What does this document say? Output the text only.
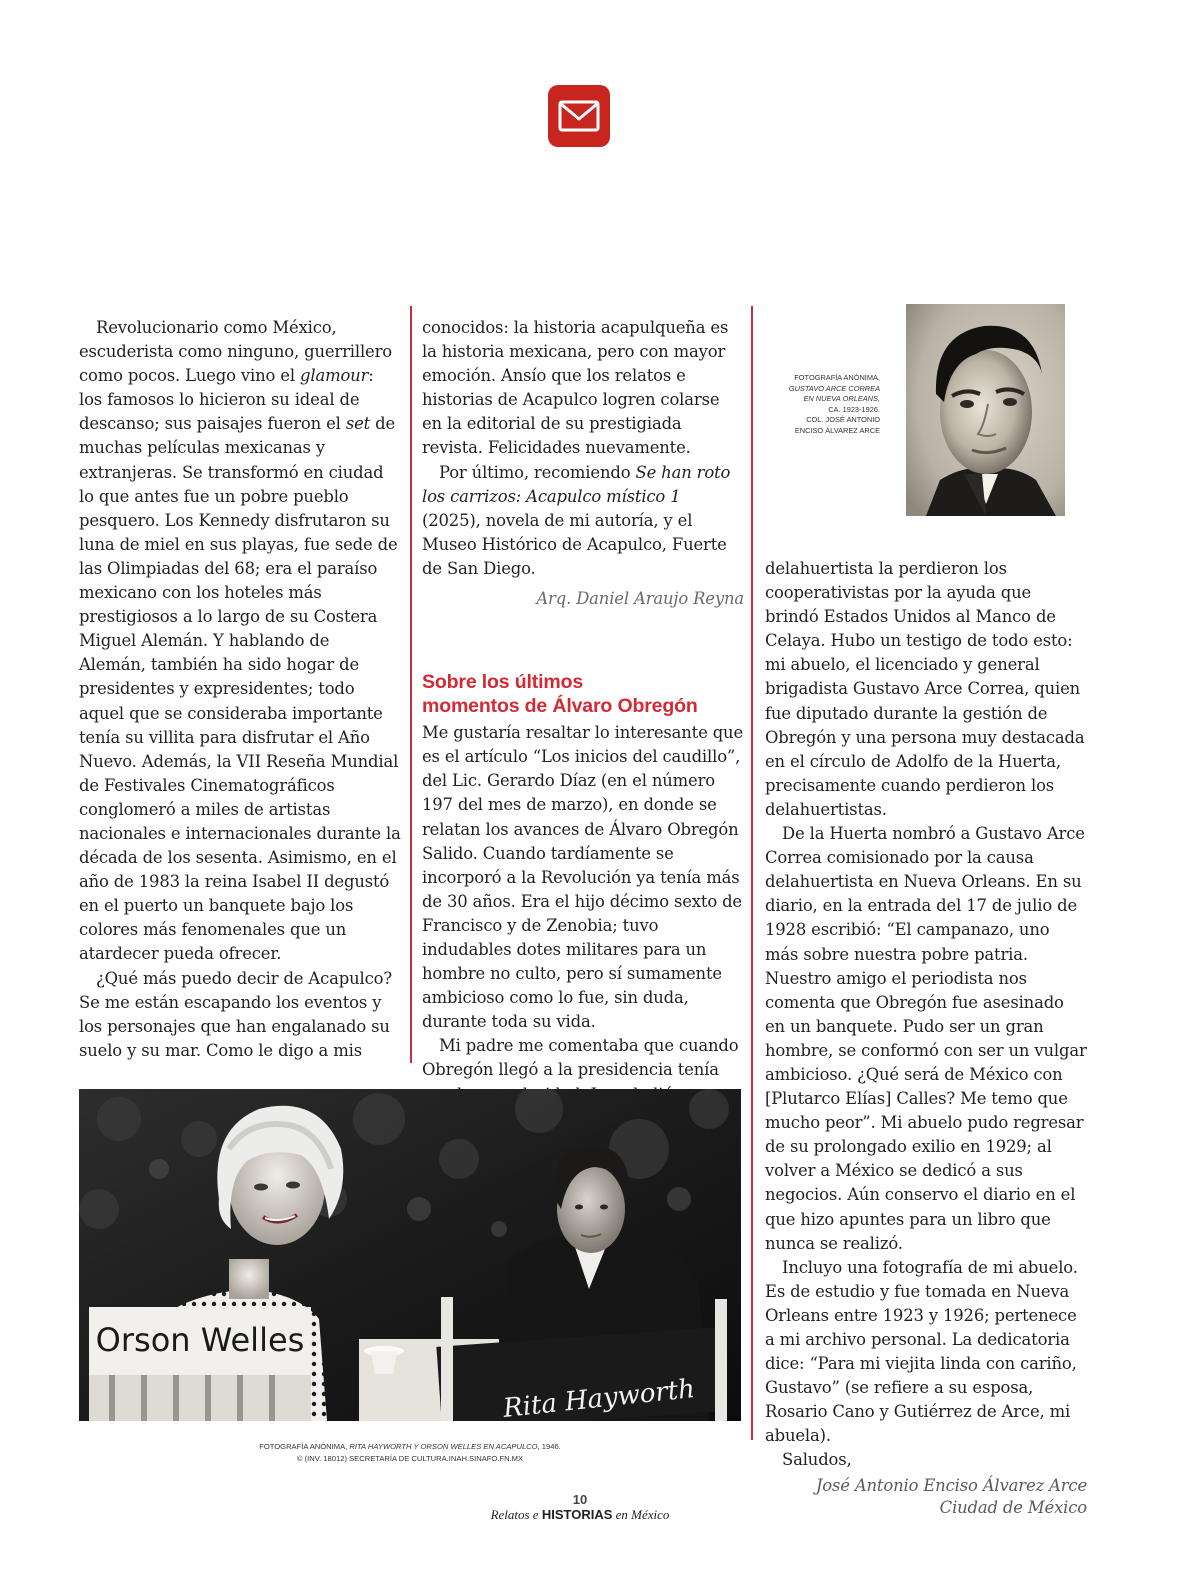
Revolucionario como México, escuderista como ninguno, guerrillero como pocos. Luego vino el glamour: los famosos lo hicieron su ideal de descanso; sus paisajes fueron el set de muchas películas mexicanas y extranjeras. Se transformó en ciudad lo que antes fue un pobre pueblo pesquero. Los Kennedy disfrutaron su luna de miel en sus playas, fue sede de las Olimpiadas del 68; era el paraíso mexicano con los hoteles más prestigiosos a lo largo de su Costera Miguel Alemán. Y hablando de Alemán, también ha sido hogar de presidentes y expresidentes; todo aquel que se consideraba importante tenía su villita para disfrutar el Año Nuevo. Además, la VII Reseña Mundial de Festivales Cinematográficos conglomeró a miles de artistas nacionales e internacionales durante la década de los sesenta. Asimismo, en el año de 1983 la reina Isabel II degustó en el puerto un banquete bajo los colores más fenomenales que un atardecer pueda ofrecer.

¿Qué más puedo decir de Acapulco? Se me están escapando los eventos y los personajes que han engalanado su suelo y su mar. Como le digo a mis

conocidos: la historia acapulqueña es la historia mexicana, pero con mayor emoción. Ansío que los relatos e historias de Acapulco logren colarse en la editorial de su prestigiada revista. Felicidades nuevamente.

Por último, recomiendo Se han roto los carrizos: Acapulco místico 1 (2025), novela de mi autoría, y el Museo Histórico de Acapulco, Fuerte de San Diego.

Arq. Daniel Araujo Reyna
Sobre los últimos
momentos de Álvaro Obregón

Me gustaría resaltar lo interesante que es el artículo “Los inicios del caudillo”, del Lic. Gerardo Díaz (en el número 197 del mes de marzo), en donde se relatan los avances de Álvaro Obregón Salido. Cuando tardíamente se incorporó a la Revolución ya tenía más de 30 años. Era el hijo décimo sexto de Francisco y de Zenobia; tuvo indudables dotes militares para un hombre no culto, pero sí sumamente ambicioso como lo fue, sin duda, durante toda su vida.

Mi padre me comentaba que cuando Obregón llegó a la presidencia tenía

FOTOGRAFÍA ANÓNIMA,
GUSTAVO ARCE CORREA
EN NUEVA ORLEANS,
CA. 1923-1926.
COL. JOSÉ ANTONIO
ENCISO ÁLVAREZ ARCE

delahuertista la perdieron los cooperativistas por la ayuda que brindó Estados Unidos al Manco de Celaya. Hubo un testigo de todo esto: mi abuelo, el licenciado y general brigadista Gustavo Arce Correa, quien fue diputado durante la gestión de Obregón y una persona muy destacada en el círculo de Adolfo de la Huerta, precisamente cuando perdieron los delahuertistas.

De la Huerta nombró a Gustavo Arce Correa comisionado por la causa delahuertista en Nueva Orleans. En su diario, en la entrada del 17 de julio de 1928 escribió: “El campanazo, uno más sobre nuestra pobre patria. Nuestro amigo el periodista nos comenta que Obregón fue asesinado en un banquete. Pudo ser un gran hombre, se conformó con ser un vulgar ambicioso. ¿Qué será de México con [Plutarco Elías] Calles? Me temo que mucho peor”. Mi abuelo pudo regresar de su prolongado exilio en 1929; al volver a México se dedicó a sus negocios. Aún conservo el diario en el que hizo apuntes para un libro que nunca se realizó.

Incluyo una fotografía de mi abuelo. Es de estudio y fue tomada en Nueva Orleans entre 1923 y 1926; pertenece a mi archivo personal. La dedicatoria dice: “Para mi viejita linda con cariño, Gustavo” (se refiere a su esposa, Rosario Cano y Gutiérrez de Arce, mi abuela).

Saludos,

José Antonio Enciso Álvarez Arce
Ciudad de México
Orson Welles
Rita Hayworth
FOTOGRAFÍA ANÓNIMA, RITA HAYWORTH Y ORSON WELLES EN ACAPULCO, 1946.
© (INV. 18012) SECRETARÍA DE CULTURA.INAH.SINAFO.FN.MX
10
Relatos e HISTORIAS en México
